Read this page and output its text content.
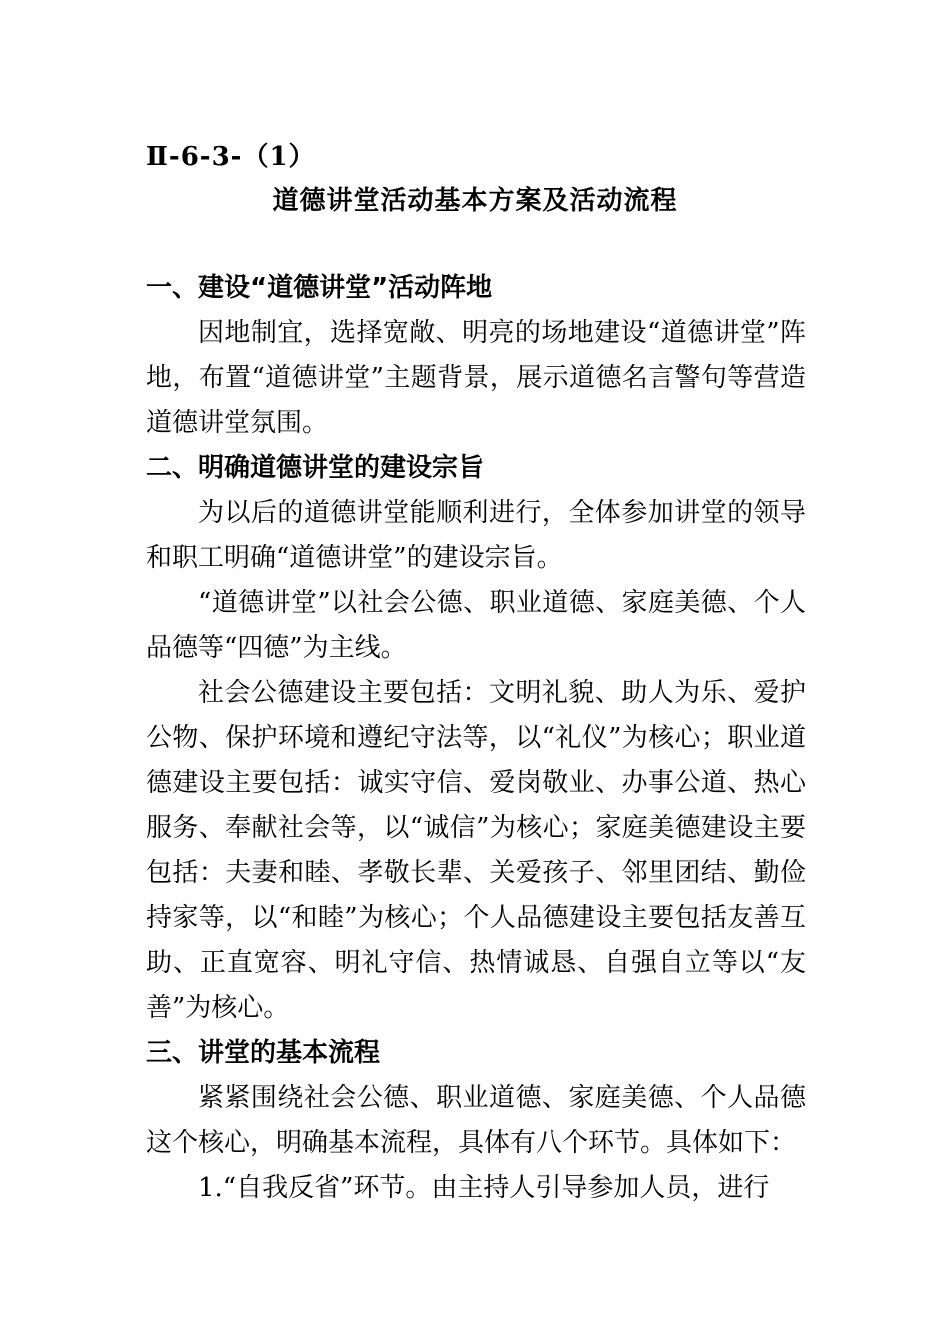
Ⅱ-6-3-（1）
道德讲堂活动基本方案及活动流程

一、建设“道德讲堂”活动阵地

因地制宜，选择宽敞、明亮的场地建设“道德讲堂”阵地，布置“道德讲堂”主题背景，展示道德名言警句等营造道德讲堂氛围。

二、明确道德讲堂的建设宗旨

为以后的道德讲堂能顺利进行，全体参加讲堂的领导和职工明确“道德讲堂”的建设宗旨。

“道德讲堂”以社会公德、职业道德、家庭美德、个人品德等“四德”为主线。

社会公德建设主要包括：文明礼貌、助人为乐、爱护公物、保护环境和遵纪守法等，以“礼仪”为核心；职业道德建设主要包括：诚实守信、爱岗敬业、办事公道、热心服务、奉献社会等，以“诚信”为核心；家庭美德建设主要包括：夫妻和睦、孝敬长辈、关爱孩子、邻里团结、勤俭持家等，以“和睦”为核心；个人品德建设主要包括友善互助、正直宽容、明礼守信、热情诚恳、自强自立等以“友善”为核心。

三、讲堂的基本流程

紧紧围绕社会公德、职业道德、家庭美德、个人品德这个核心，明确基本流程，具体有八个环节。具体如下：

1.“自我反省”环节。由主持人引导参加人员，进行
